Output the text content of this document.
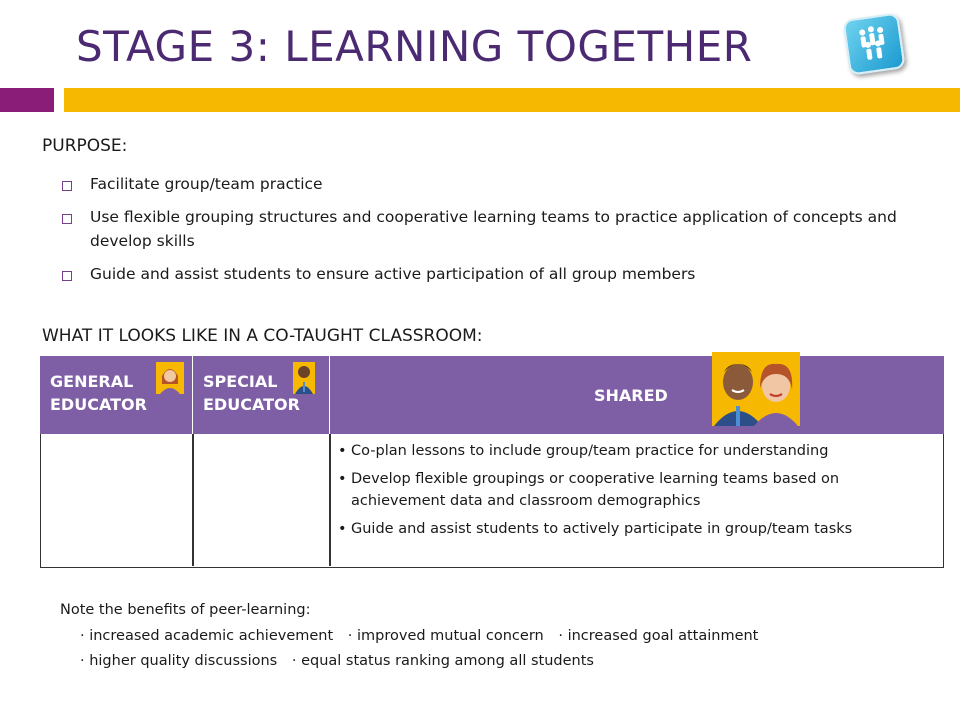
STAGE 3: LEARNING TOGETHER
PURPOSE:
Facilitate group/team practice
Use flexible grouping structures and cooperative learning teams to practice application of concepts and develop skills
Guide and assist students to ensure active participation of all group members
WHAT IT LOOKS LIKE IN A CO-TAUGHT CLASSROOM:
GENERAL
EDUCATOR
SPECIAL
EDUCATOR	SHARED
• Co-plan lessons to include group/team practice for understanding
• Develop flexible groupings or cooperative learning teams based on achievement data and classroom demographics
• Guide and assist students to actively participate in group/team tasks
Note the benefits of peer-learning:
· increased academic achievement · improved mutual concern · increased goal attainment
· higher quality discussions · equal status ranking among all students
